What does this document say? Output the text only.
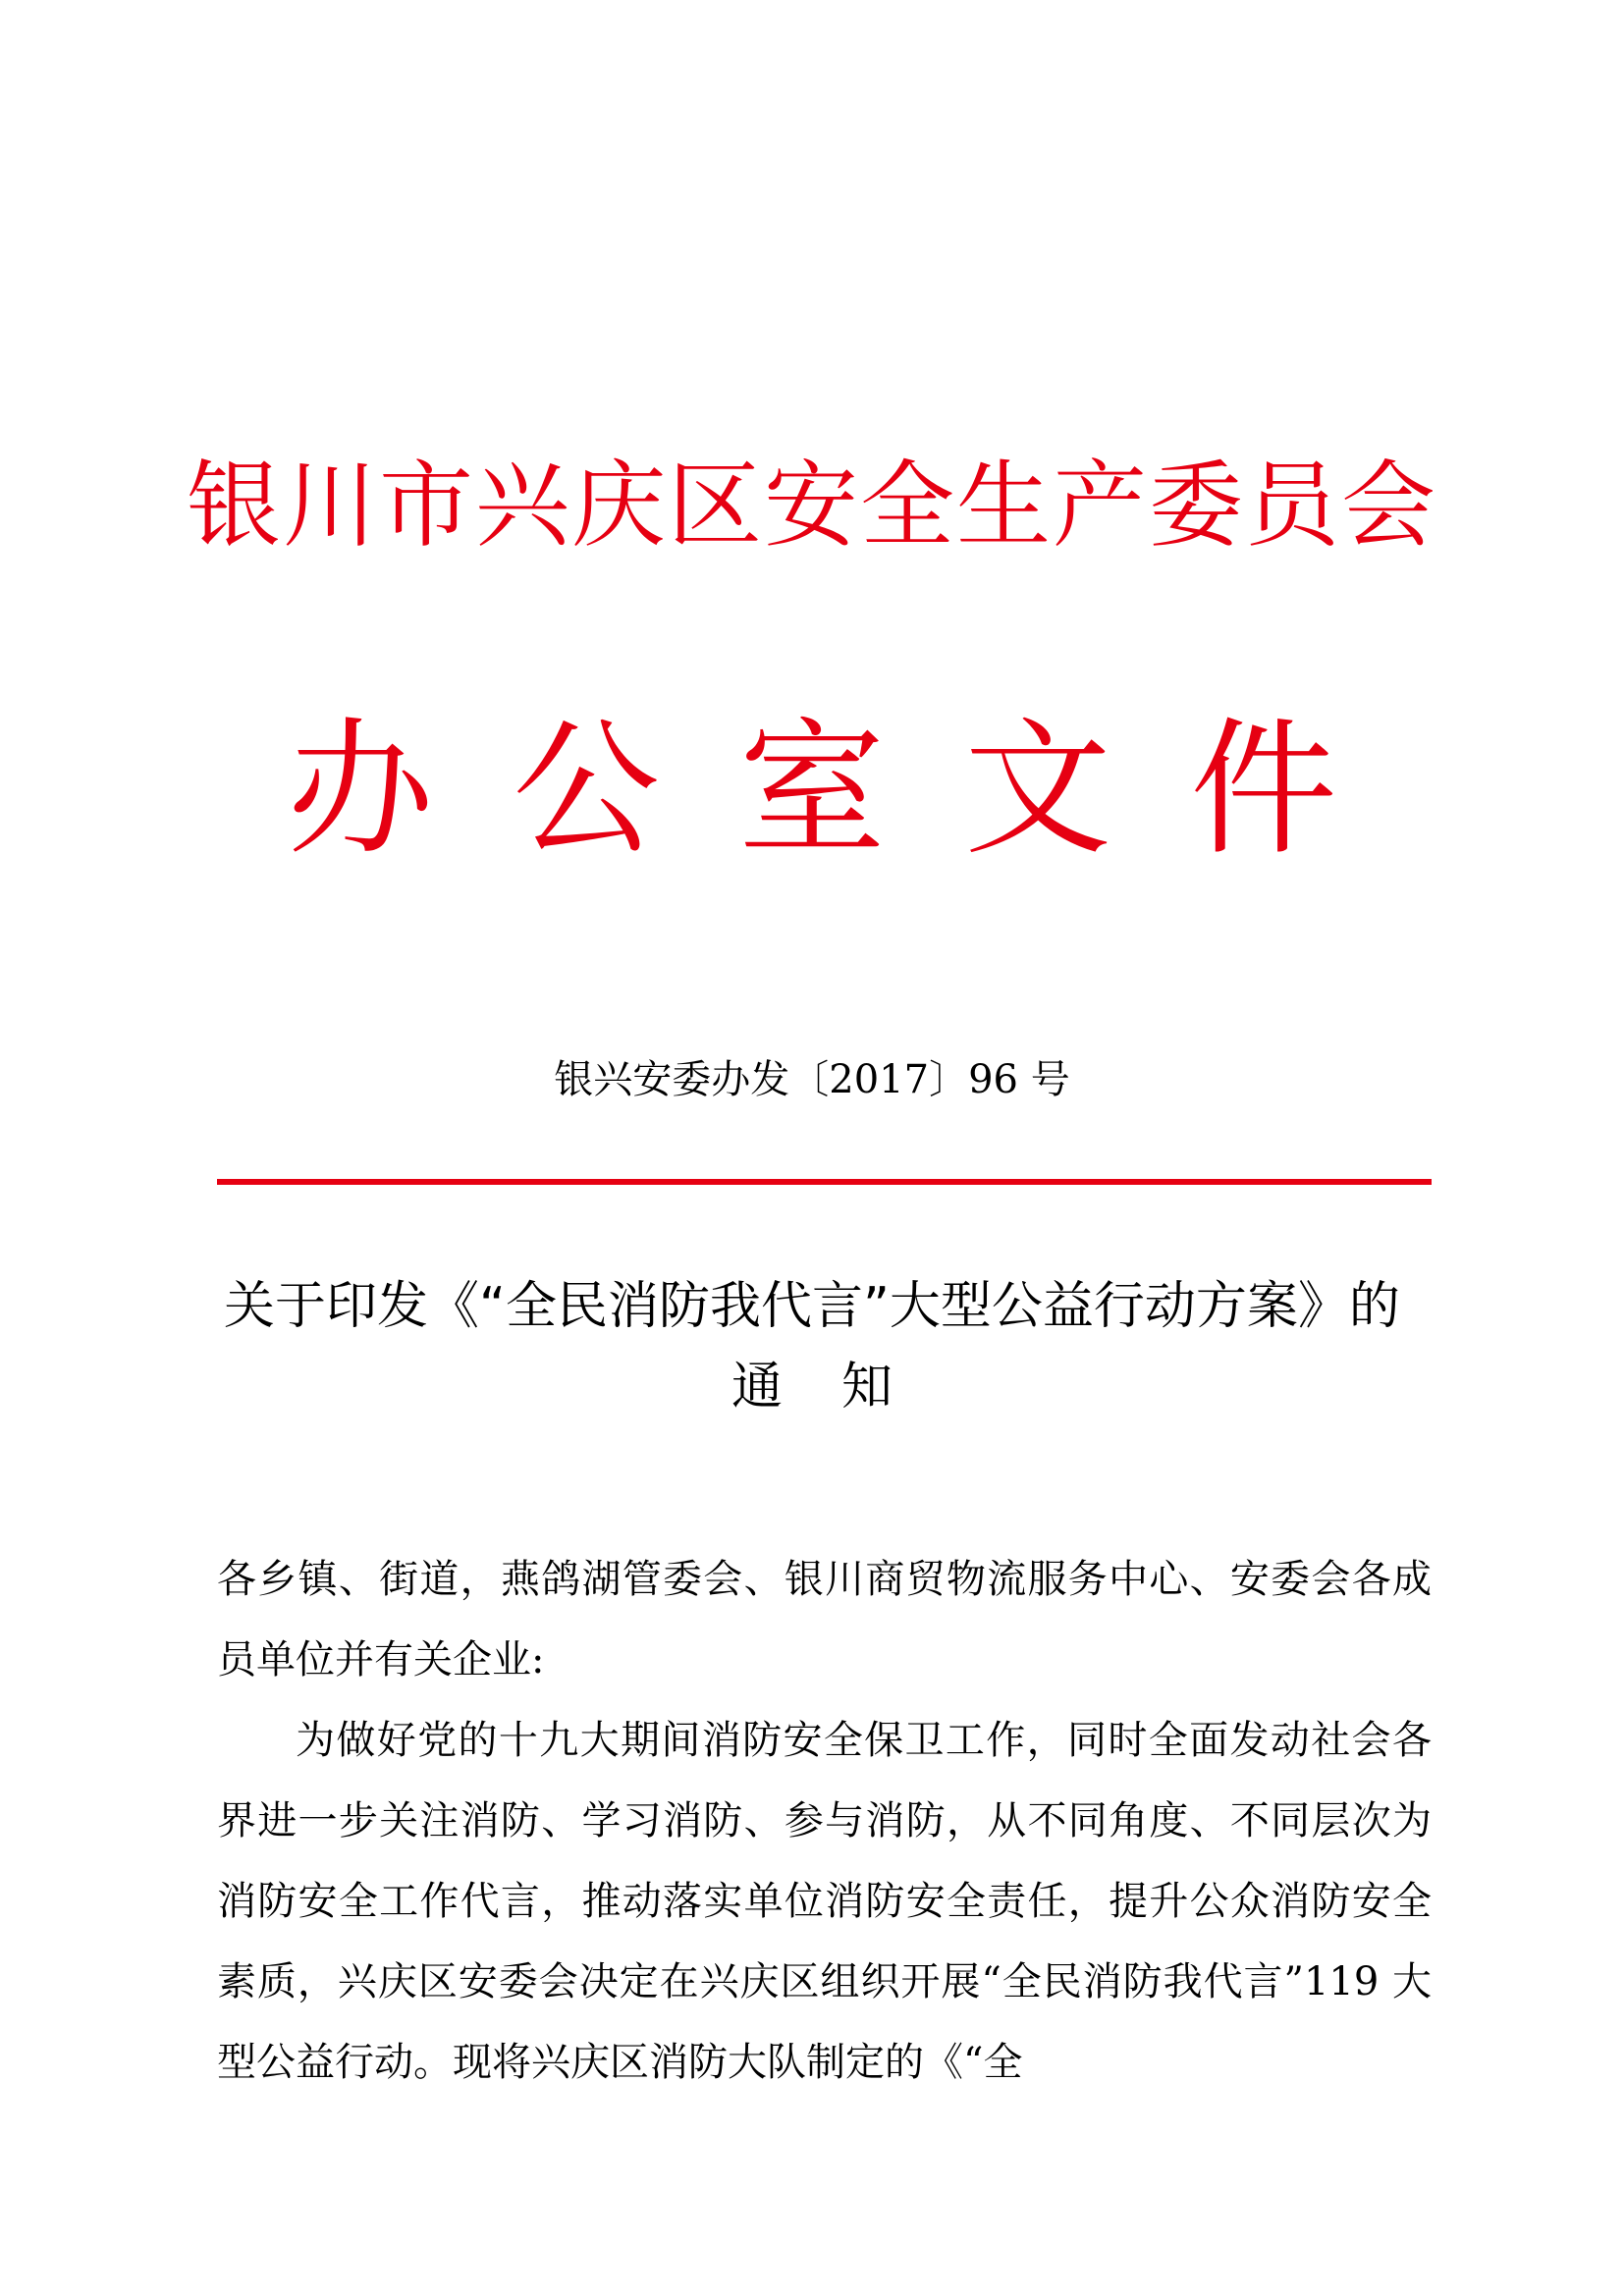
银川市兴庆区安全生产委员会
办公室文件
银兴安委办发〔2017〕96 号
关于印发《“全民消防我代言”大型公益行动方案》的
通知

各乡镇、街道，燕鸽湖管委会、银川商贸物流服务中心、安委会各成员单位并有关企业:

为做好党的十九大期间消防安全保卫工作，同时全面发动社会各界进一步关注消防、学习消防、参与消防，从不同角度、不同层次为消防安全工作代言，推动落实单位消防安全责任，提升公众消防安全素质，兴庆区安委会决定在兴庆区组织开展“全民消防我代言”119 大型公益行动。现将兴庆区消防大队制定的《“全
